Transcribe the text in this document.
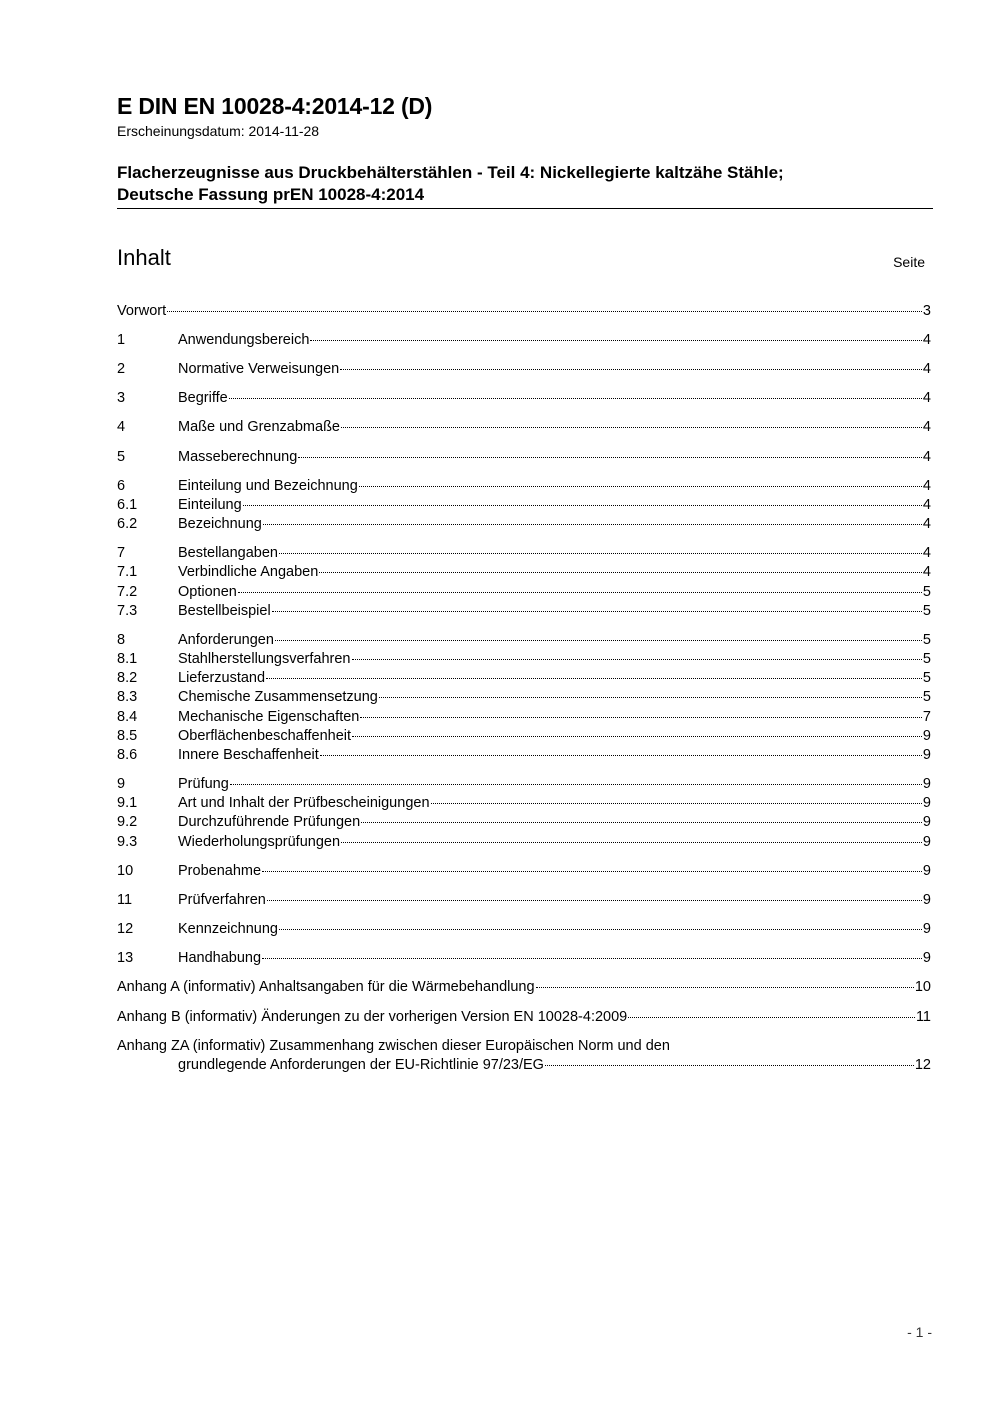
E DIN EN 10028-4:2014-12 (D)
Erscheinungsdatum: 2014-11-28
Flacherzeugnisse aus Druckbehälterstählen - Teil 4: Nickellegierte kaltzähe Stähle;
Deutsche Fassung prEN 10028-4:2014
Inhalt	Seite
Vorwort	3
1	Anwendungsbereich	4
2	Normative Verweisungen	4
3	Begriffe	4
4	Maße und Grenzabmaße	4
5	Masseberechnung	4
6	Einteilung und Bezeichnung	4
6.1	Einteilung	4
6.2	Bezeichnung	4
7	Bestellangaben	4
7.1	Verbindliche Angaben	4
7.2	Optionen	5
7.3	Bestellbeispiel	5
8	Anforderungen	5
8.1	Stahlherstellungsverfahren	5
8.2	Lieferzustand	5
8.3	Chemische Zusammensetzung	5
8.4	Mechanische Eigenschaften	7
8.5	Oberflächenbeschaffenheit	9
8.6	Innere Beschaffenheit	9
9	Prüfung	9
9.1	Art und Inhalt der Prüfbescheinigungen	9
9.2	Durchzuführende Prüfungen	9
9.3	Wiederholungsprüfungen	9
10	Probenahme	9
11	Prüfverfahren	9
12	Kennzeichnung	9
13	Handhabung	9
Anhang A (informativ) Anhaltsangaben für die Wärmebehandlung	10
Anhang B (informativ) Änderungen zu der vorherigen Version EN 10028-4:2009	11
Anhang ZA (informativ) Zusammenhang zwischen dieser Europäischen Norm und den
grundlegende Anforderungen der EU-Richtlinie 97/23/EG	12
- 1 -
